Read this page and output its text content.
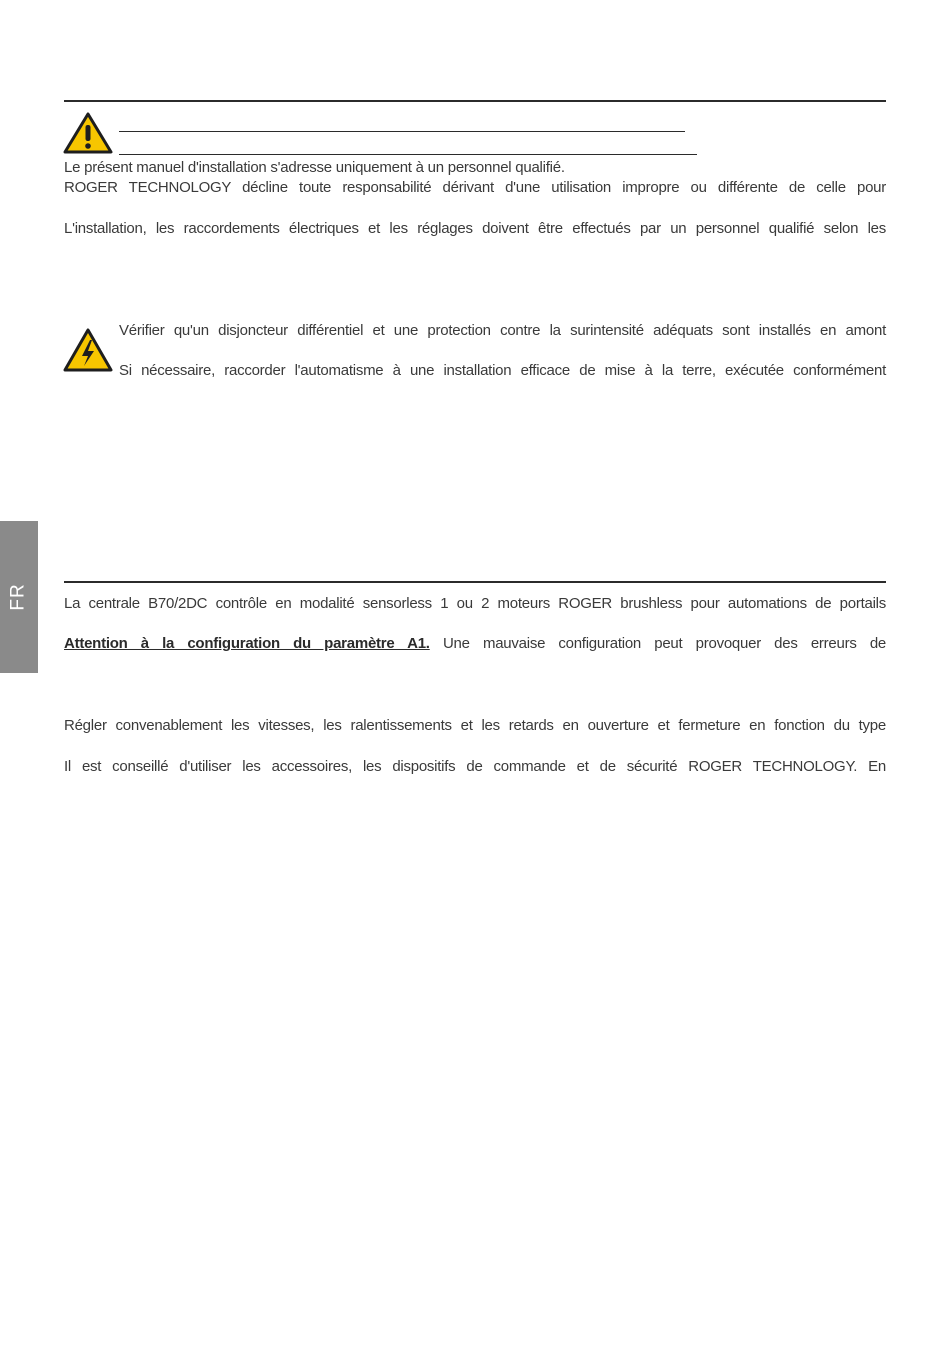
Le présent manuel d'installation s'adresse uniquement à un personnel qualifié.
ROGER TECHNOLOGY décline toute responsabilité dérivant d'une utilisation impropre ou différente de celle pour
L'installation, les raccordements électriques et les réglages doivent être effectués par un personnel qualifié selon les
Vérifier qu'un disjoncteur différentiel et une protection contre la surintensité adéquats sont installés en amont
Si nécessaire, raccorder l'automatisme à une installation efficace de mise à la terre, exécutée conformément
FR La centrale B70/2DC contrôle en modalité sensorless 1 ou 2 moteurs ROGER brushless pour automations de portails
Attention à la configuration du paramètre A1. Une mauvaise configuration peut provoquer des erreurs de
Régler convenablement les vitesses, les ralentissements et les retards en ouverture et fermeture en fonction du type
Il est conseillé d'utiliser les accessoires, les dispositifs de commande et de sécurité ROGER TECHNOLOGY. En
